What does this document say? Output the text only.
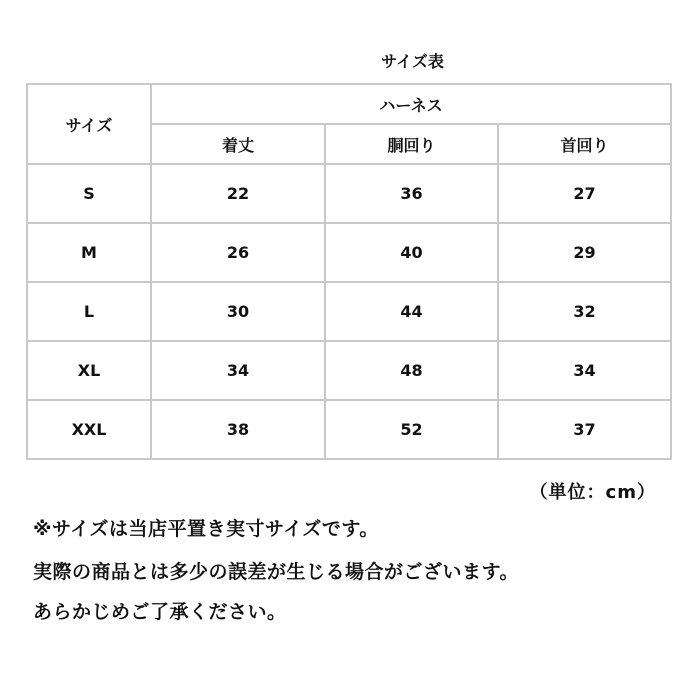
サイズ表
サイズ	ハーネス		
	着丈	胴回り	首回り
S	22	36	27
M	26	40	29
L	30	44	32
XL	34	48	34
XXL	38	52	37
（単位：cm）
※サイズは当店平置き実寸サイズです。
実際の商品とは多少の誤差が生じる場合がございます。
あらかじめご了承ください。
